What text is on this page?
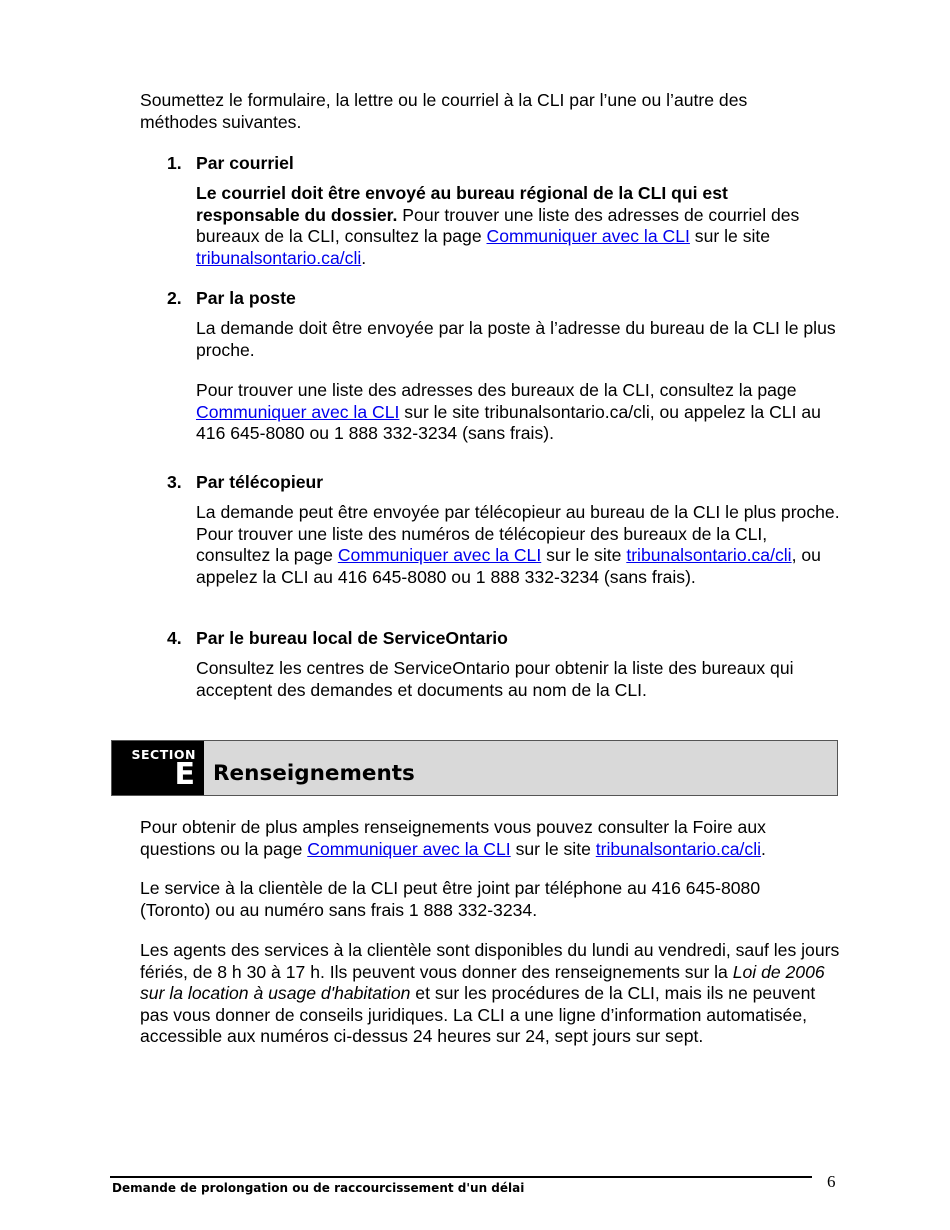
Soumettez le formulaire, la lettre ou le courriel à la CLI par l’une ou l’autre des méthodes suivantes.

1. Par courriel

Le courriel doit être envoyé au bureau régional de la CLI qui est responsable du dossier. Pour trouver une liste des adresses de courriel des bureaux de la CLI, consultez la page Communiquer avec la CLI sur le site tribunalsontario.ca/cli.

2. Par la poste

La demande doit être envoyée par la poste à l’adresse du bureau de la CLI le plus proche.

Pour trouver une liste des adresses des bureaux de la CLI, consultez la page Communiquer avec la CLI sur le site tribunalsontario.ca/cli, ou appelez la CLI au 416 645-8080 ou 1 888 332-3234 (sans frais).

3. Par télécopieur

La demande peut être envoyée par télécopieur au bureau de la CLI le plus proche. Pour trouver une liste des numéros de télécopieur des bureaux de la CLI, consultez la page Communiquer avec la CLI sur le site tribunalsontario.ca/cli, ou appelez la CLI au 416 645-8080 ou 1 888 332-3234 (sans frais).

4. Par le bureau local de ServiceOntario

Consultez les centres de ServiceOntario pour obtenir la liste des bureaux qui acceptent des demandes et documents au nom de la CLI.

SECTION
E Renseignements

Pour obtenir de plus amples renseignements vous pouvez consulter la Foire aux questions ou la page Communiquer avec la CLI sur le site tribunalsontario.ca/cli.

Le service à la clientèle de la CLI peut être joint par téléphone au 416 645-8080 (Toronto) ou au numéro sans frais 1 888 332-3234.

Les agents des services à la clientèle sont disponibles du lundi au vendredi, sauf les jours fériés, de 8 h 30 à 17 h. Ils peuvent vous donner des renseignements sur la Loi de 2006 sur la location à usage d'habitation et sur les procédures de la CLI, mais ils ne peuvent pas vous donner de conseils juridiques. La CLI a une ligne d’information automatisée, accessible aux numéros ci-dessus 24 heures sur 24, sept jours sur sept.

Demande de prolongation ou de raccourcissement d'un délai	6
